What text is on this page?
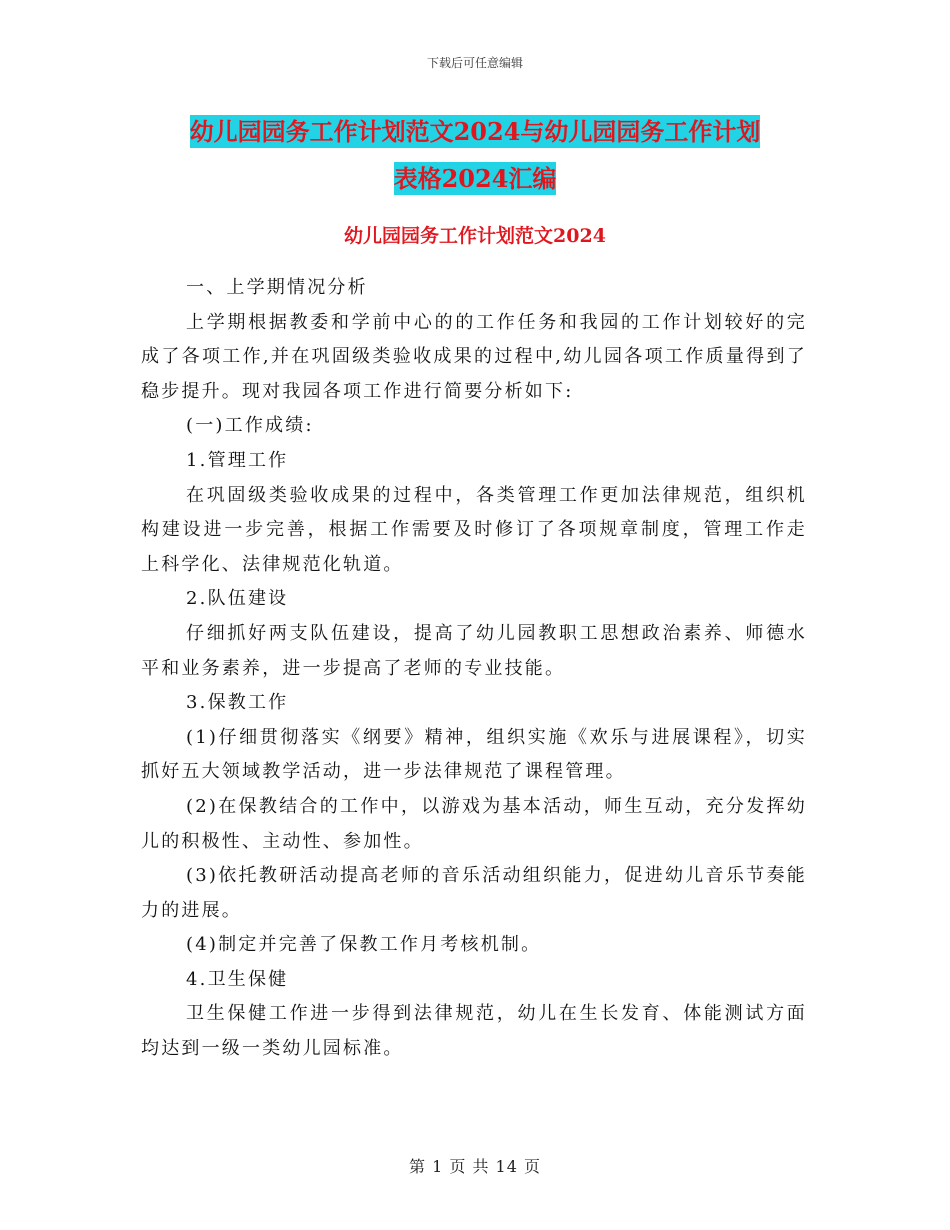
下载后可任意编辑
幼儿园园务工作计划范文2024与幼儿园园务工作计划
表格2024汇编
幼儿园园务工作计划范文2024

一、上学期情况分析

上学期根据教委和学前中心的的工作任务和我园的工作计划较好的完成了各项工作,并在巩固级类验收成果的过程中,幼儿园各项工作质量得到了稳步提升。现对我园各项工作进行简要分析如下:

(一)工作成绩:

1.管理工作

在巩固级类验收成果的过程中，各类管理工作更加法律规范，组织机构建设进一步完善，根据工作需要及时修订了各项规章制度，管理工作走上科学化、法律规范化轨道。

2.队伍建设

仔细抓好两支队伍建设，提高了幼儿园教职工思想政治素养、师德水平和业务素养，进一步提高了老师的专业技能。

3.保教工作

(1)仔细贯彻落实《纲要》精神，组织实施《欢乐与进展课程》，切实抓好五大领域教学活动，进一步法律规范了课程管理。

(2)在保教结合的工作中，以游戏为基本活动，师生互动，充分发挥幼儿的积极性、主动性、参加性。

(3)依托教研活动提高老师的音乐活动组织能力，促进幼儿音乐节奏能力的进展。

(4)制定并完善了保教工作月考核机制。

4.卫生保健

卫生保健工作进一步得到法律规范，幼儿在生长发育、体能测试方面均达到一级一类幼儿园标准。

第 1 页 共 14 页
